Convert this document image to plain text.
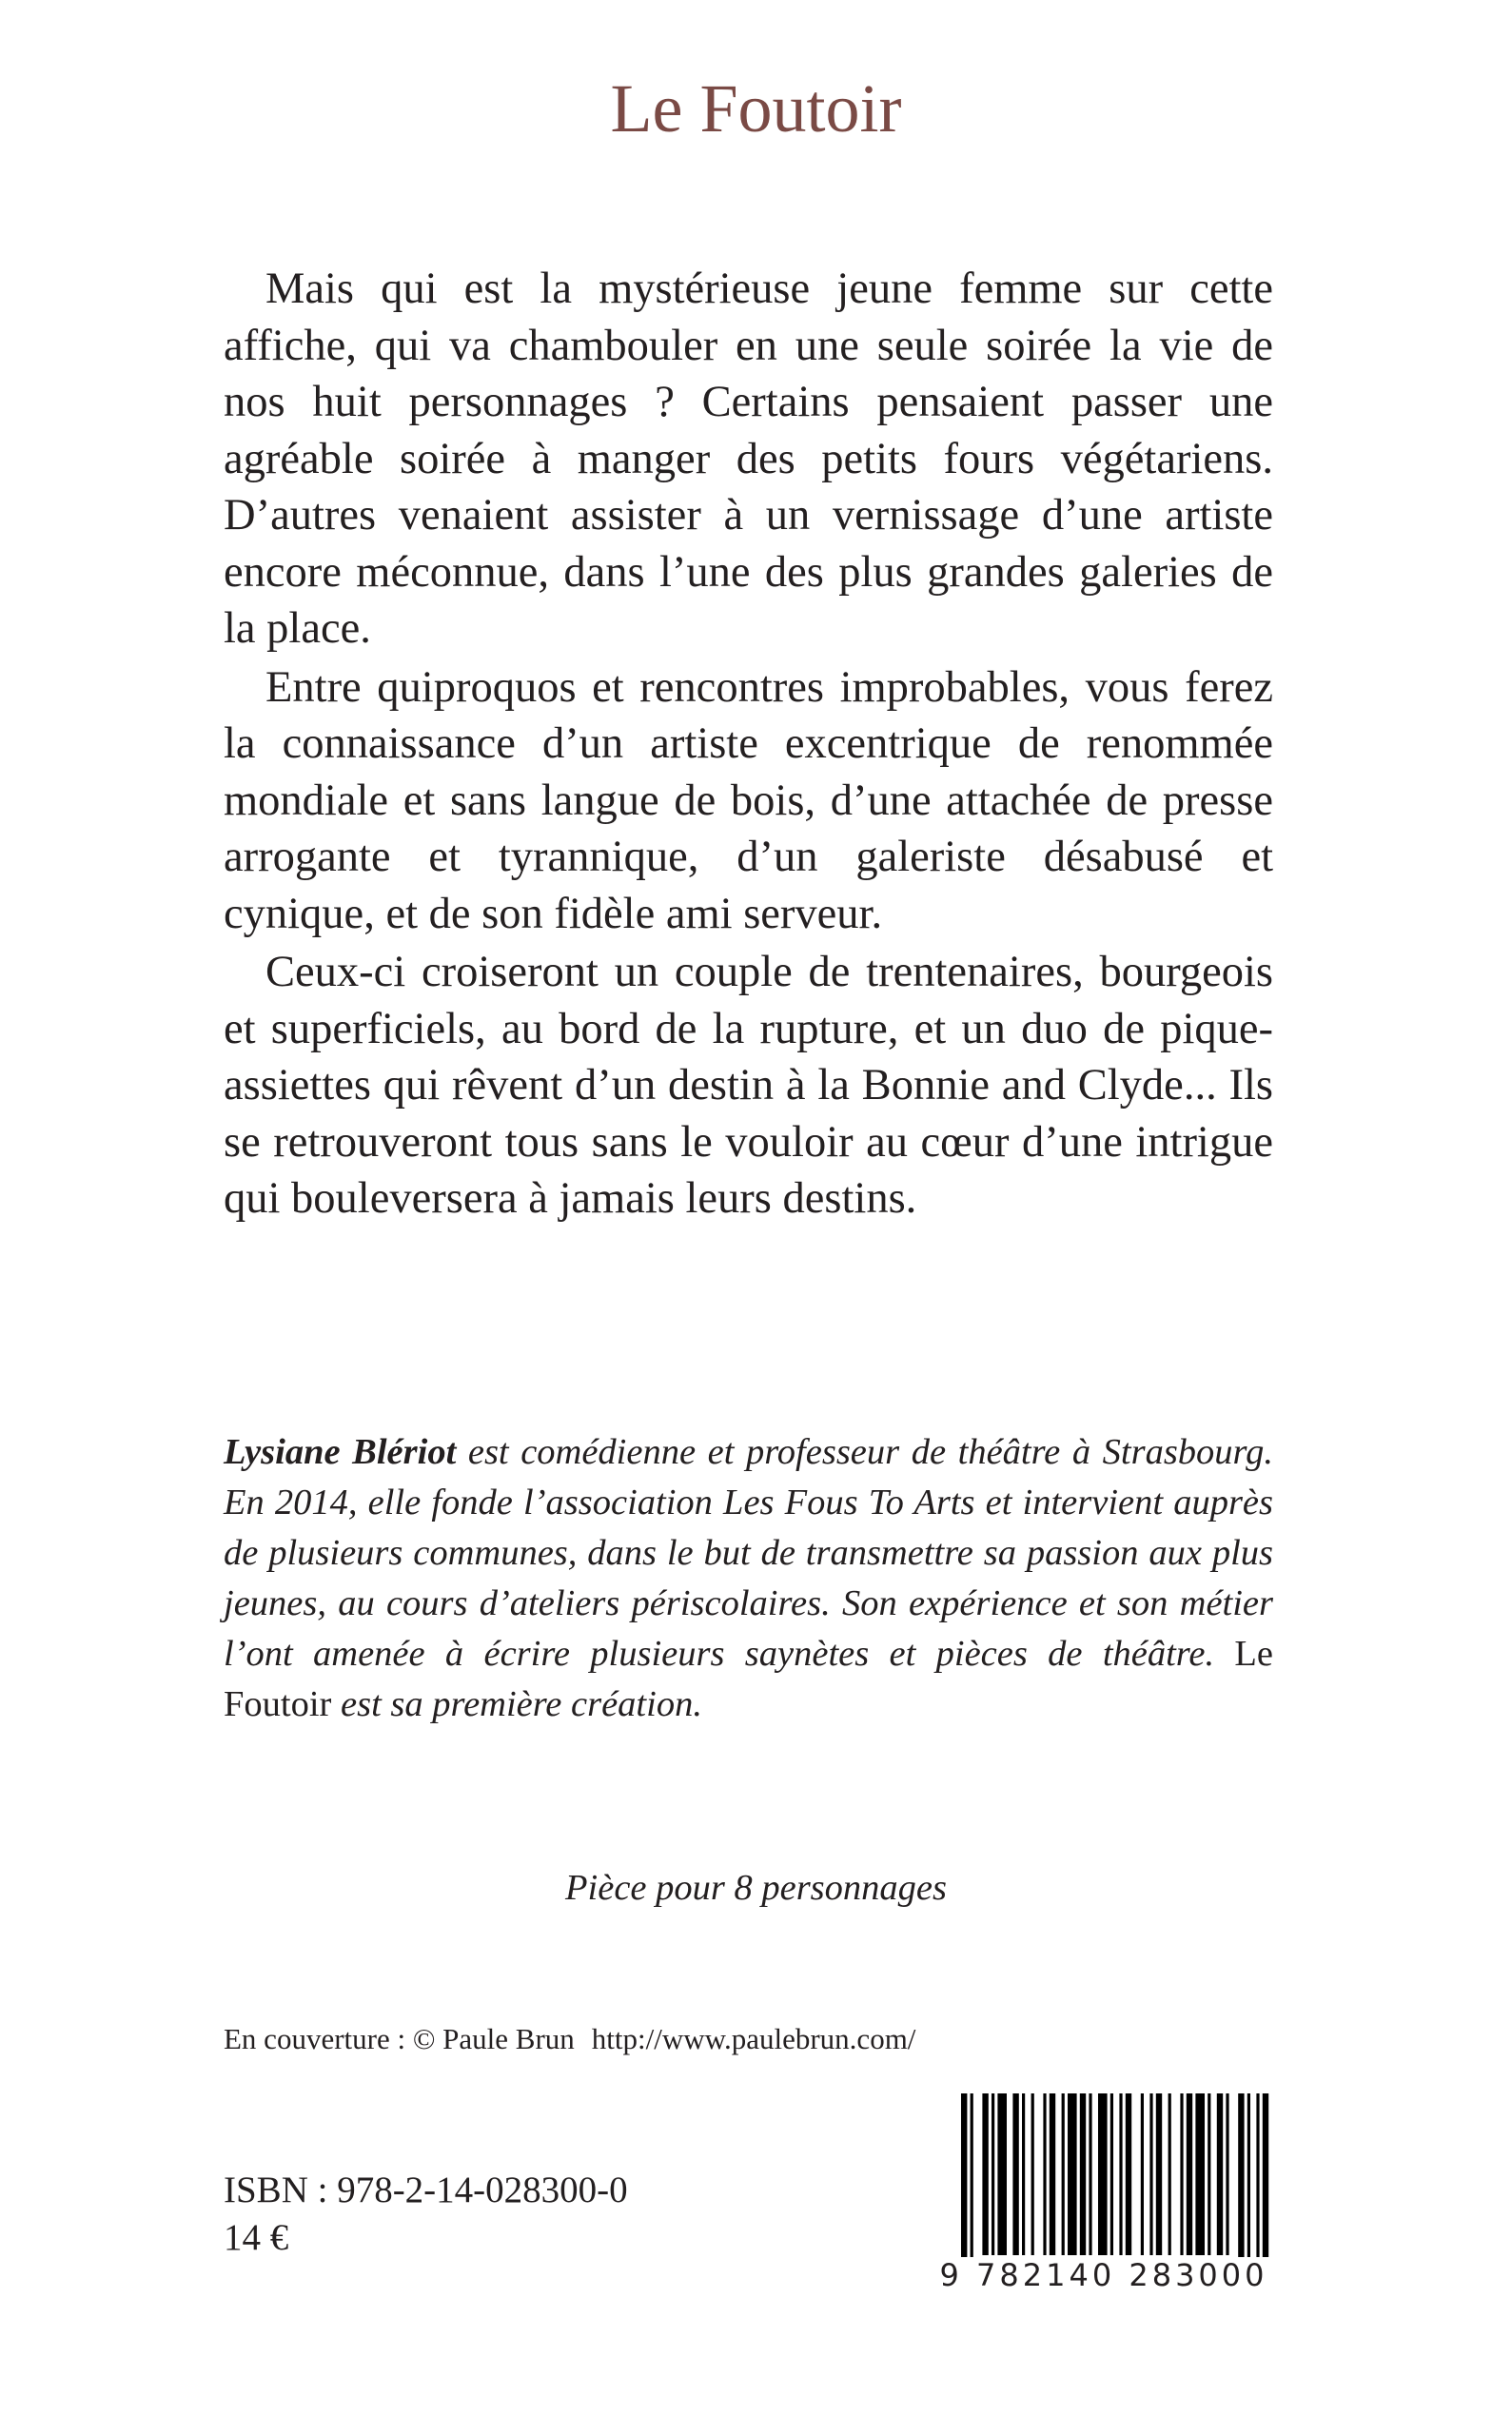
Le Foutoir

Mais qui est la mystérieuse jeune femme sur cette affiche, qui va chambouler en une seule soirée la vie de nos huit personnages ? Certains pensaient passer une agréable soirée à manger des petits fours végétariens. D’autres venaient assister à un vernissage d’une artiste encore méconnue, dans l’une des plus grandes galeries de la place.

Entre quiproquos et rencontres improbables, vous ferez la connaissance d’un artiste excentrique de renommée mondiale et sans langue de bois, d’une attachée de presse arrogante et tyrannique, d’un galeriste désabusé et cynique, et de son fidèle ami serveur.

Ceux-ci croiseront un couple de trentenaires, bourgeois et superficiels, au bord de la rupture, et un duo de pique-assiettes qui rêvent d’un destin à la Bonnie and Clyde... Ils se retrouveront tous sans le vouloir au cœur d’une intrigue qui bouleversera à jamais leurs destins.

Lysiane Blériot est comédienne et professeur de théâtre à Strasbourg. En 2014, elle fonde l’association Les Fous To Arts et intervient auprès de plusieurs communes, dans le but de transmettre sa passion aux plus jeunes, au cours d’ateliers périscolaires. Son expérience et son métier l’ont amenée à écrire plusieurs saynètes et pièces de théâtre. Le Foutoir est sa première création.
Pièce pour 8 personnages
En couverture : © Paule Brun http://www.paulebrun.com/
ISBN : 978-2-14-028300-0
14 €
9 782140 283000
